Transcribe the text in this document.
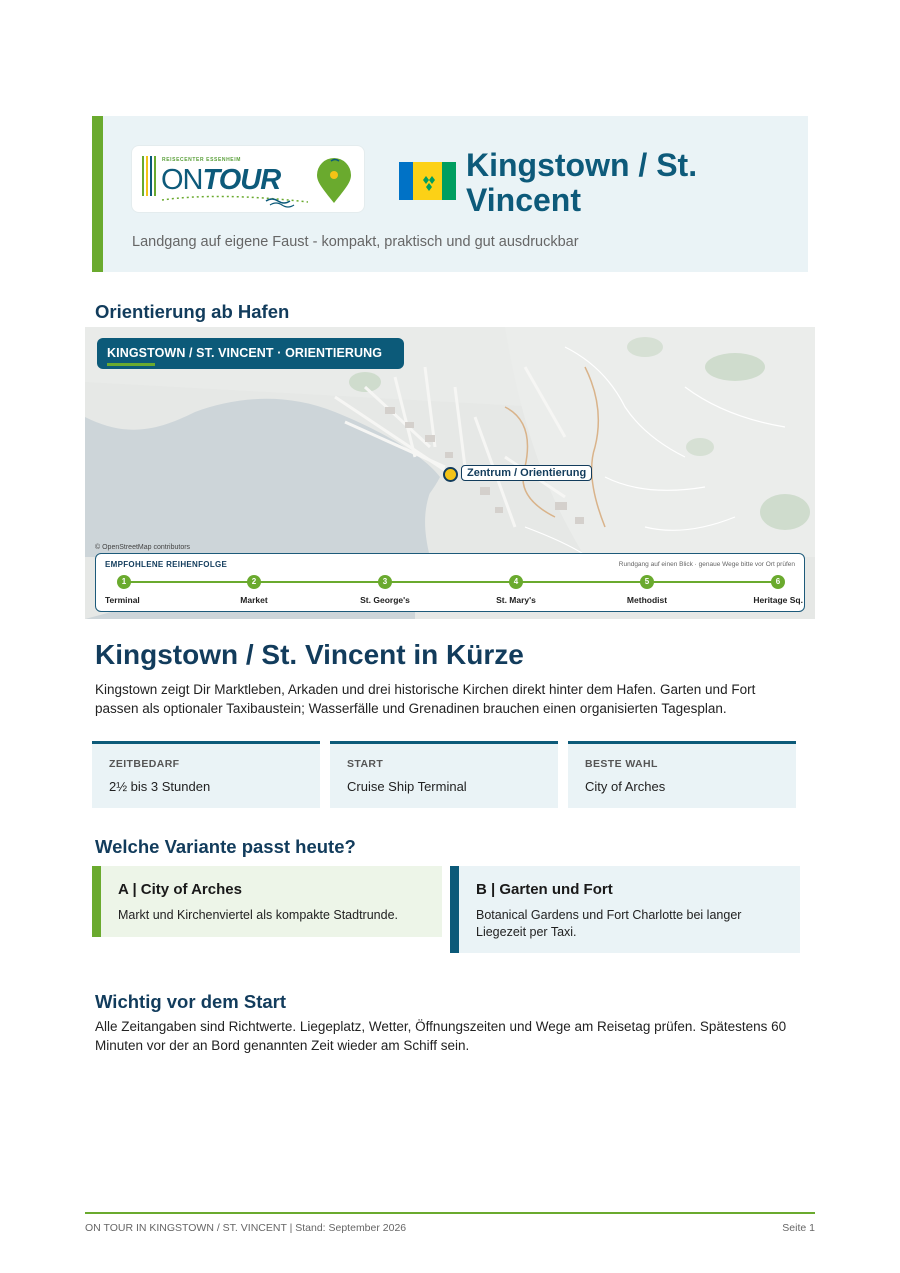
REISECENTER ESSENHEIM
ONTOUR	Kingstown / St. Vincent
Landgang auf eigene Faust - kompakt, praktisch und gut ausdruckbar
Orientierung ab Hafen
KINGSTOWN / ST. VINCENT · ORIENTIERUNG
Zentrum / Orientierung
© OpenStreetMap contributors
EMPFOHLENE REIHENFOLGE	Rundgang auf einen Blick · genaue Wege bitte vor Ort prüfen
1
Terminal
2
Market
3
St. George's
4
St. Mary's
5
Methodist
6
Heritage Sq.
Kingstown / St. Vincent in Kürze
Kingstown zeigt Dir Marktleben, Arkaden und drei historische Kirchen direkt hinter dem Hafen. Garten und Fort passen als optionaler Taxibaustein; Wasserfälle und Grenadinen brauchen einen organisierten Tagesplan.
ZEITBEDARF
2½ bis 3 Stunden
START
Cruise Ship Terminal
BESTE WAHL
City of Arches
Welche Variante passt heute?
A | City of Arches
Markt und Kirchenviertel als kompakte Stadtrunde.
B | Garten und Fort
Botanical Gardens und Fort Charlotte bei langer Liegezeit per Taxi.
Wichtig vor dem Start
Alle Zeitangaben sind Richtwerte. Liegeplatz, Wetter, Öffnungszeiten und Wege am Reisetag prüfen. Spätestens 60 Minuten vor der an Bord genannten Zeit wieder am Schiff sein.
ON TOUR IN KINGSTOWN / ST. VINCENT | Stand: September 2026	Seite 1
